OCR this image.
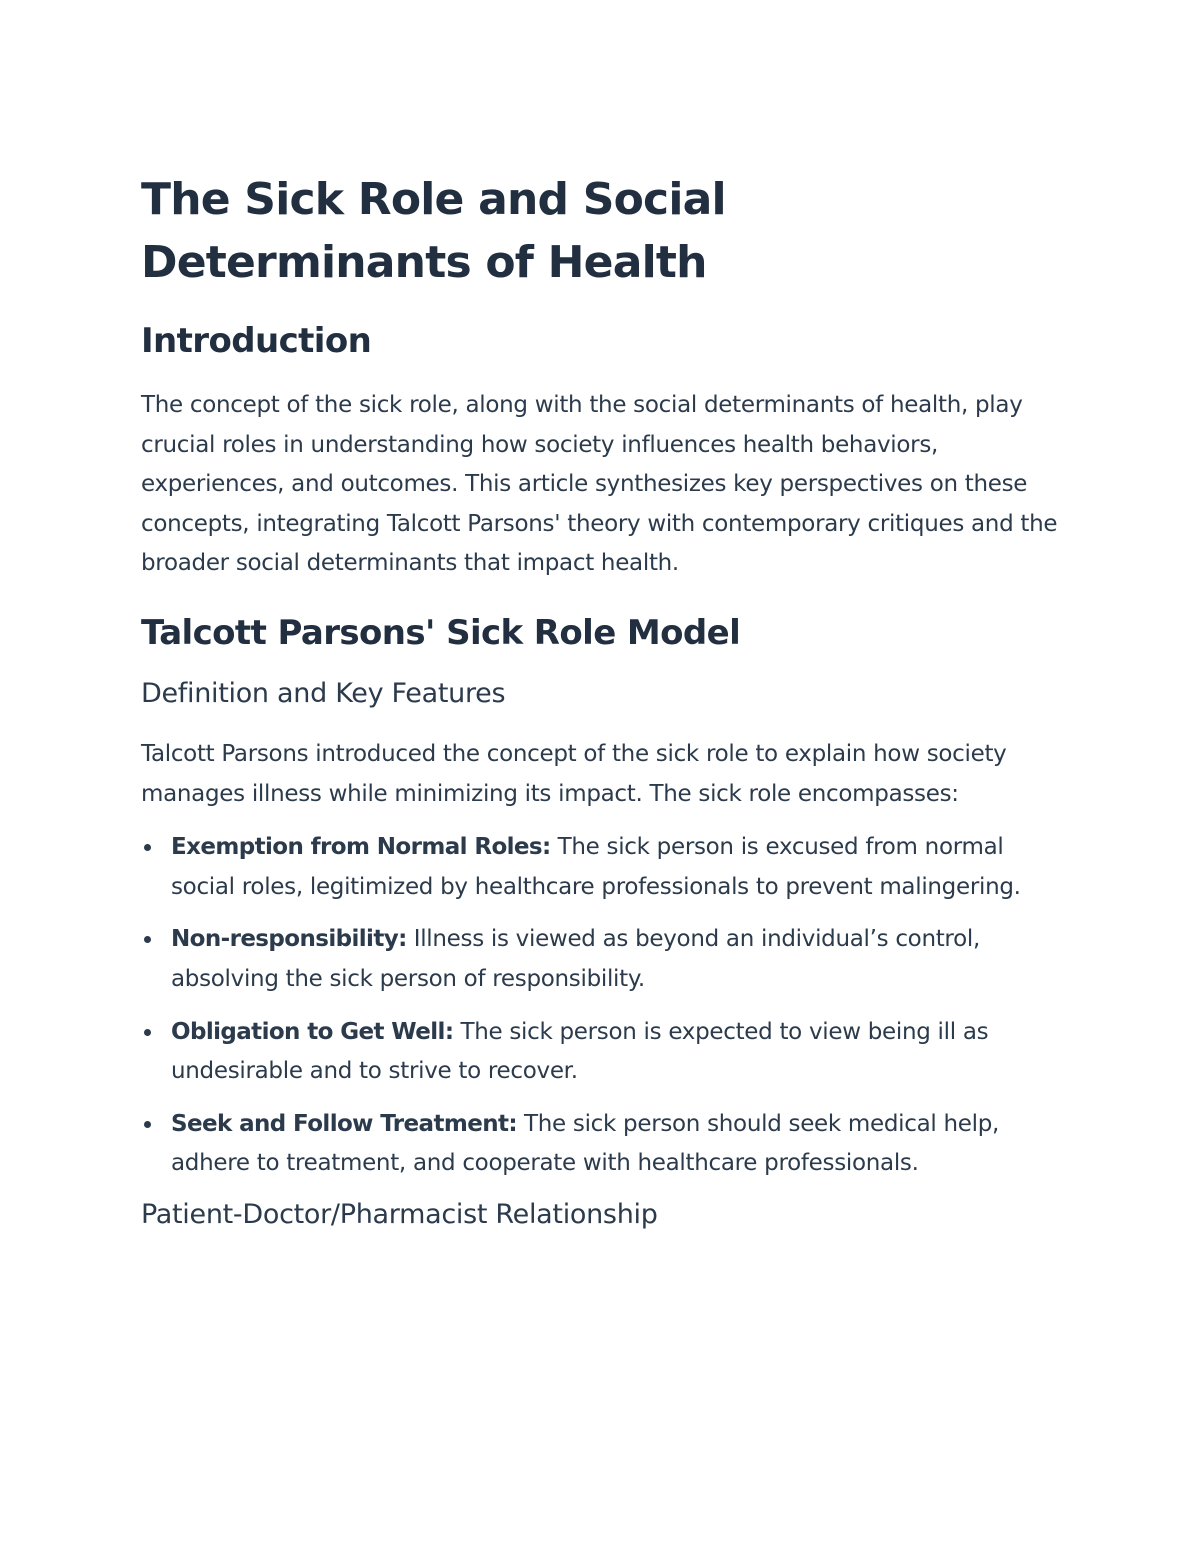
The Sick Role and Social Determinants of Health
Introduction

The concept of the sick role, along with the social determinants of health, play crucial roles in understanding how society influences health behaviors, experiences, and outcomes. This article synthesizes key perspectives on these concepts, integrating Talcott Parsons' theory with contemporary critiques and the broader social determinants that impact health.

Talcott Parsons' Sick Role Model
Definition and Key Features

Talcott Parsons introduced the concept of the sick role to explain how society manages illness while minimizing its impact. The sick role encompasses:

Exemption from Normal Roles: The sick person is excused from normal social roles, legitimized by healthcare professionals to prevent malingering.
Non-responsibility: Illness is viewed as beyond an individual’s control, absolving the sick person of responsibility.
Obligation to Get Well: The sick person is expected to view being ill as undesirable and to strive to recover.
Seek and Follow Treatment: The sick person should seek medical help, adhere to treatment, and cooperate with healthcare professionals.
Patient-Doctor/Pharmacist Relationship
